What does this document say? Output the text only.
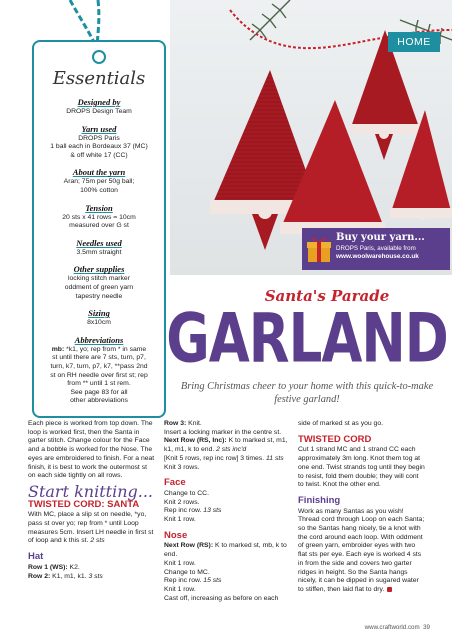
Essentials
Designed by
DROPS Design Team
Yarn used
DROPS Paris
1 ball each in Bordeaux 37 (MC)
& off white 17 (CC)
About the yarn
Aran; 75m per 50g ball;
100% cotton
Tension
20 sts x 41 rows = 10cm
measured over G st
Needles used
3.5mm straight
Other supplies
locking stitch marker
oddment of green yarn
tapestry needle
Sizing
8x10cm
Abbreviations
mb: *k1, yo; rep from * in same
st until there are 7 sts, turn, p7,
turn, k7, turn, p7, k7, **pass 2nd
st on RH needle over first st; rep
from ** until 1 st rem.
See page 83 for all
other abbreviations
HOME
Buy your yarn...
DROPS Paris, available from
www.woolwarehouse.co.uk
Santa's Parade
GARLAND
Bring Christmas cheer to your home with this quick-to-make festive garland!
Each piece is worked from top down. The loop is worked first, then the Santa in garter stitch. Change colour for the Face and a bobble is worked for the Nose. The eyes are embroidered to finish. For a neat finish, it is best to work the outermost st on each side tightly on all rows.
Start knitting...
TWISTED CORD: SANTA
With MC, place a slip st on needle, *yo, pass st over yo; rep from * until Loop measures 5cm. Insert LH needle in first st of loop and k this st. 2 sts
Hat
Row 1 (WS): K2.
Row 2: K1, m1, k1. 3 sts
Row 3: Knit.
Insert a locking marker in the centre st.
Next Row (RS, Inc): K to marked st, m1, k1, m1, k to end. 2 sts inc'd
[Knit 5 rows, rep inc row] 3 times. 11 sts
Knit 3 rows.
Face
Change to CC.
Knit 2 rows.
Rep inc row. 13 sts
Knit 1 row.
Nose
Next Row (RS): K to marked st, mb, k to end.
Knit 1 row.
Change to MC.
Rep inc row. 15 sts
Knit 1 row.
Cast off, increasing as before on each
side of marked st as you go.
TWISTED CORD
Cut 1 strand MC and 1 strand CC each approximately 3m long. Knot them tog at one end. Twist strands tog until they begin to resist, fold them double; they will cont to twist. Knot the other end.
Finishing
Work as many Santas as you wish! Thread cord through Loop on each Santa; so the Santas hang nicely, tie a knot with the cord around each loop. With oddment of green yarn, embroider eyes with two flat sts per eye. Each eye is worked 4 sts in from the side and covers two garter ridges in height. So the Santa hangs nicely, it can be dipped in sugared water to stiffen, then laid flat to dry.
www.craftworld.com 39
